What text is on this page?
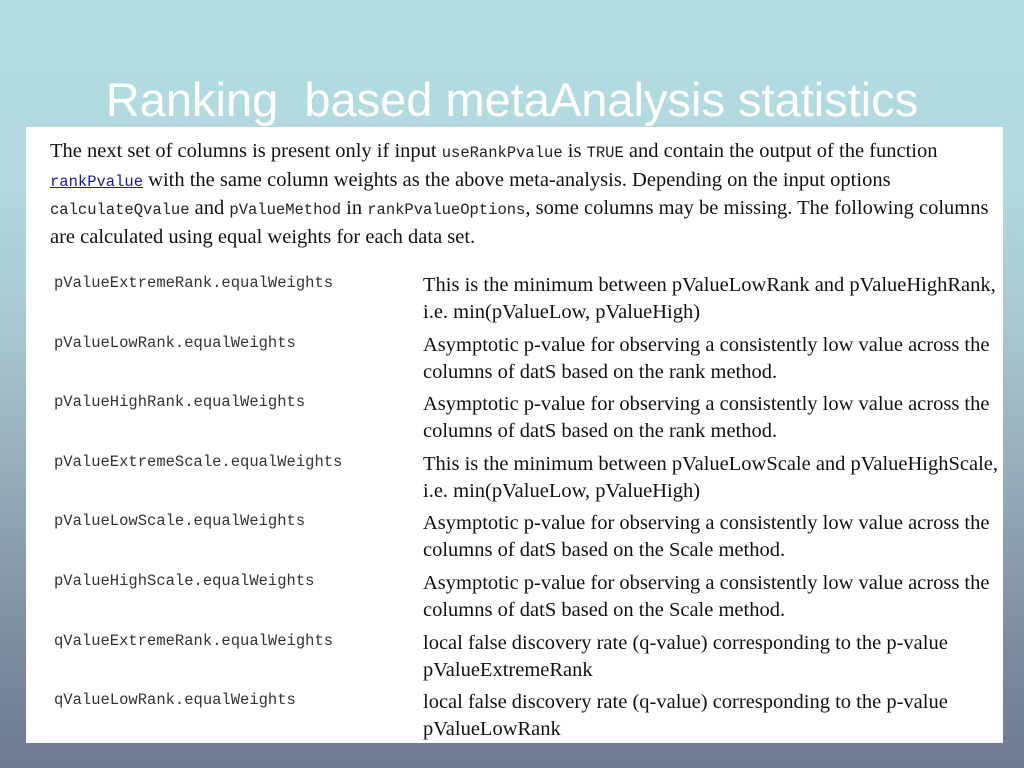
Ranking  based metaAnalysis statistics

The next set of columns is present only if input useRankPvalue is TRUE and contain the output of the function rankPvalue with the same column weights as the above meta-analysis. Depending on the input options calculateQvalue and pValueMethod in rankPvalueOptions, some columns may be missing. The following columns are calculated using equal weights for each data set.

pValueExtremeRank.equalWeights	This is the minimum between pValueLowRank and pValueHighRank, i.e. min(pValueLow, pValueHigh)
pValueLowRank.equalWeights	Asymptotic p-value for observing a consistently low value across the columns of datS based on the rank method.
pValueHighRank.equalWeights	Asymptotic p-value for observing a consistently low value across the columns of datS based on the rank method.
pValueExtremeScale.equalWeights	This is the minimum between pValueLowScale and pValueHighScale, i.e. min(pValueLow, pValueHigh)
pValueLowScale.equalWeights	Asymptotic p-value for observing a consistently low value across the columns of datS based on the Scale method.
pValueHighScale.equalWeights	Asymptotic p-value for observing a consistently low value across the columns of datS based on the Scale method.
qValueExtremeRank.equalWeights	local false discovery rate (q-value) corresponding to the p-value pValueExtremeRank
qValueLowRank.equalWeights	local false discovery rate (q-value) corresponding to the p-value pValueLowRank
